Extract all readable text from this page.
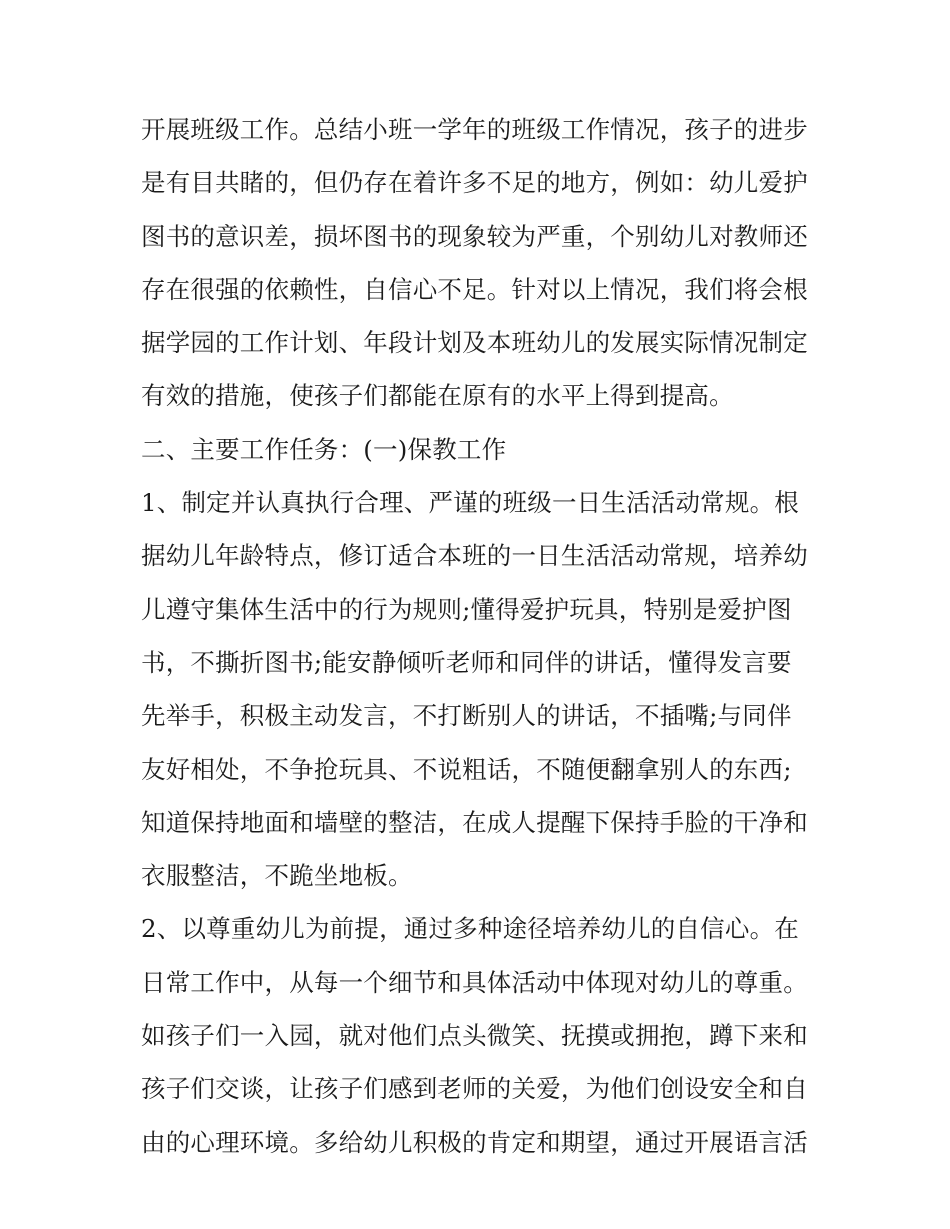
开展班级工作。总结小班一学年的班级工作情况，孩子的进步
是有目共睹的，但仍存在着许多不足的地方，例如：幼儿爱护
图书的意识差，损坏图书的现象较为严重，个别幼儿对教师还
存在很强的依赖性，自信心不足。针对以上情况，我们将会根
据学园的工作计划、年段计划及本班幼儿的发展实际情况制定
有效的措施，使孩子们都能在原有的水平上得到提高。
二、主要工作任务：(一)保教工作
1、制定并认真执行合理、严谨的班级一日生活活动常规。根
据幼儿年龄特点，修订适合本班的一日生活活动常规，培养幼
儿遵守集体生活中的行为规则;懂得爱护玩具，特别是爱护图
书，不撕折图书;能安静倾听老师和同伴的讲话，懂得发言要
先举手，积极主动发言，不打断别人的讲话，不插嘴;与同伴
友好相处，不争抢玩具、不说粗话，不随便翻拿别人的东西;
知道保持地面和墙壁的整洁，在成人提醒下保持手脸的干净和
衣服整洁，不跪坐地板。
2、以尊重幼儿为前提，通过多种途径培养幼儿的自信心。在
日常工作中，从每一个细节和具体活动中体现对幼儿的尊重。
如孩子们一入园，就对他们点头微笑、抚摸或拥抱，蹲下来和
孩子们交谈，让孩子们感到老师的关爱，为他们创设安全和自
由的心理环境。多给幼儿积极的肯定和期望，通过开展语言活
